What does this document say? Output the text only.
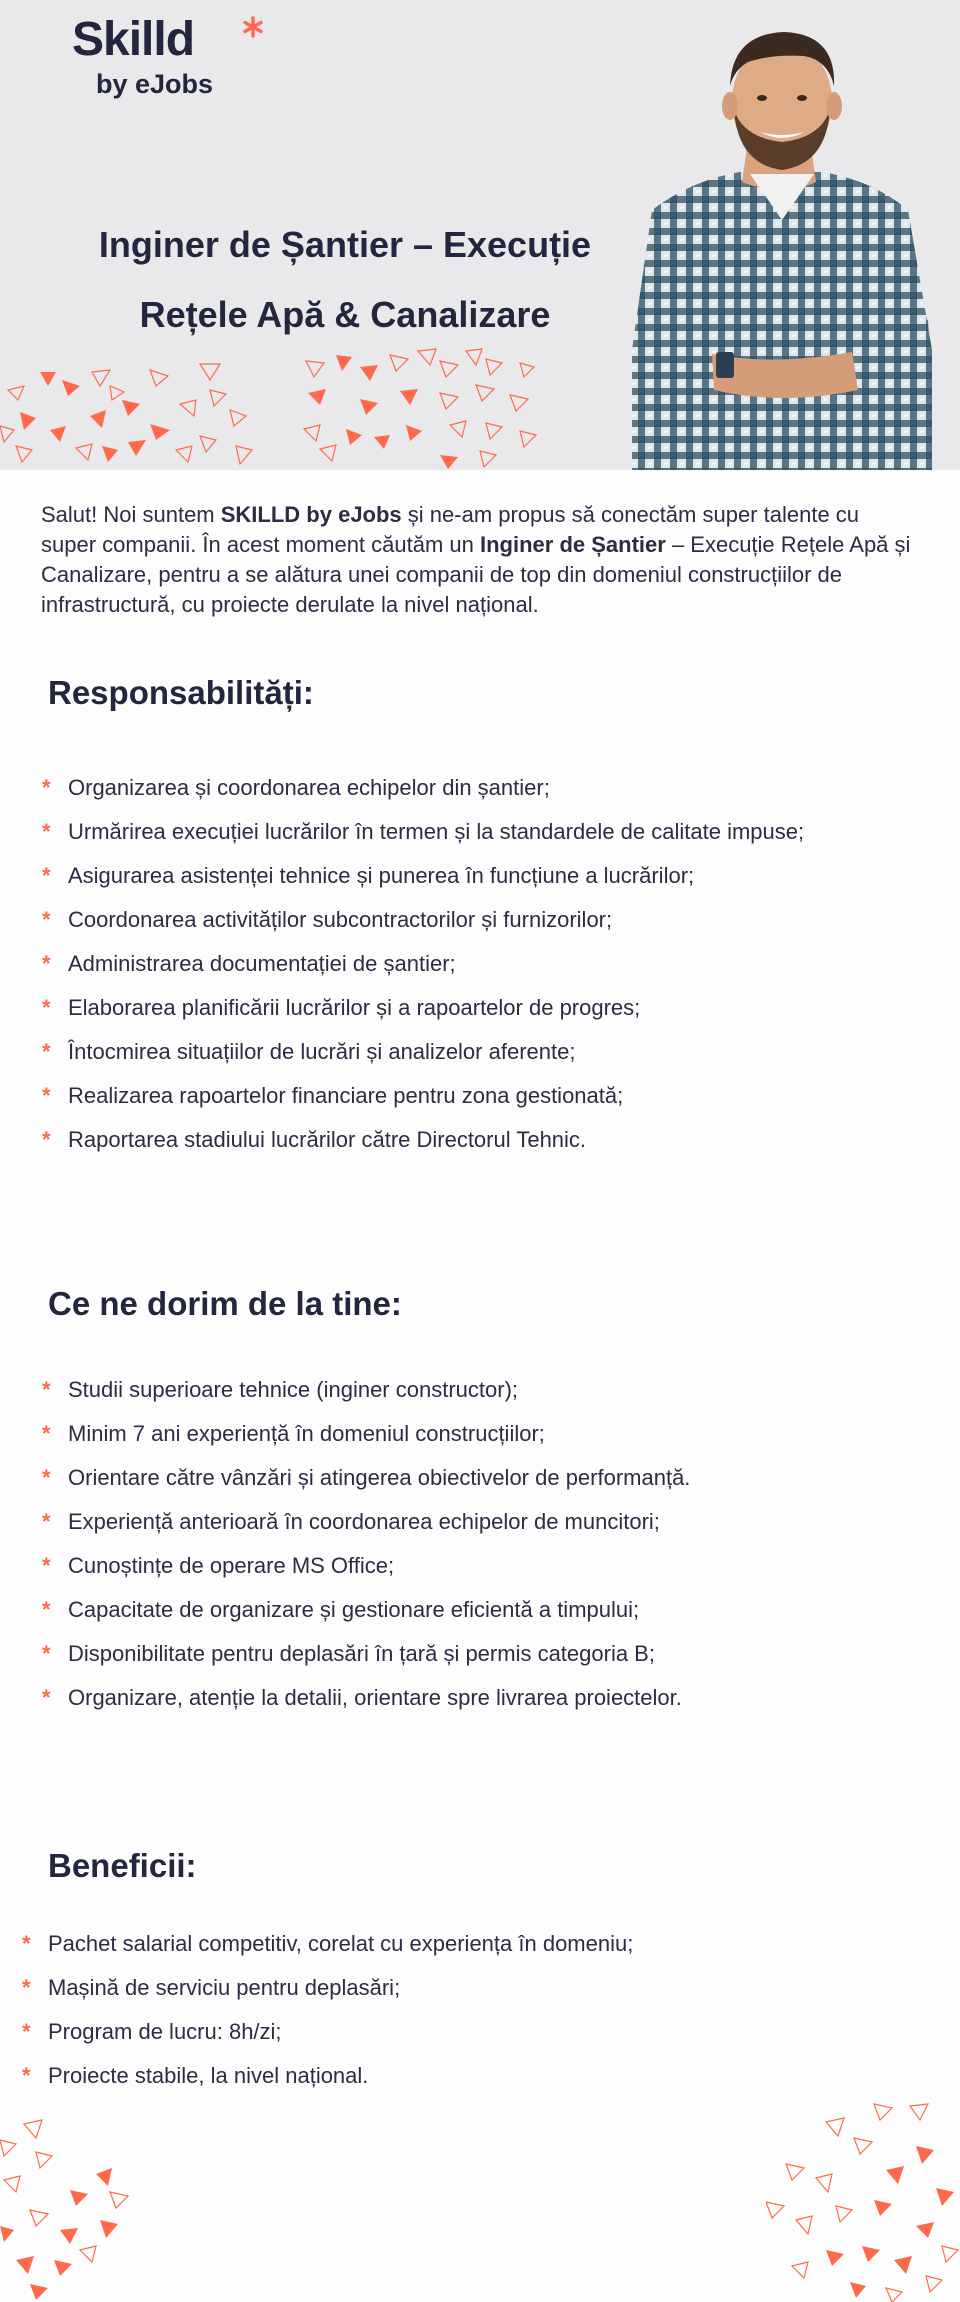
Skilld
by eJobs
Inginer de Șantier – Execuție
Rețele Apă & Canalizare

Salut! Noi suntem SKILLD by eJobs și ne-am propus să conectăm super talente cu super companii. În acest moment căutăm un Inginer de Șantier – Execuție Rețele Apă și Canalizare, pentru a se alătura unei companii de top din domeniul construcțiilor de infrastructură, cu proiecte derulate la nivel național.

Responsabilități:
* Organizarea și coordonarea echipelor din șantier;
* Urmărirea execuției lucrărilor în termen și la standardele de calitate impuse;
* Asigurarea asistenței tehnice și punerea în funcțiune a lucrărilor;
* Coordonarea activităților subcontractorilor și furnizorilor;
* Administrarea documentației de șantier;
* Elaborarea planificării lucrărilor și a rapoartelor de progres;
* Întocmirea situațiilor de lucrări și analizelor aferente;
* Realizarea rapoartelor financiare pentru zona gestionată;
* Raportarea stadiului lucrărilor către Directorul Tehnic.
Ce ne dorim de la tine:
* Studii superioare tehnice (inginer constructor);
* Minim 7 ani experiență în domeniul construcțiilor;
* Orientare către vânzări și atingerea obiectivelor de performanță.
* Experiență anterioară în coordonarea echipelor de muncitori;
* Cunoștințe de operare MS Office;
* Capacitate de organizare și gestionare eficientă a timpului;
* Disponibilitate pentru deplasări în țară și permis categoria B;
* Organizare, atenție la detalii, orientare spre livrarea proiectelor.
Beneficii:
* Pachet salarial competitiv, corelat cu experiența în domeniu;
* Mașină de serviciu pentru deplasări;
* Program de lucru: 8h/zi;
* Proiecte stabile, la nivel național.
